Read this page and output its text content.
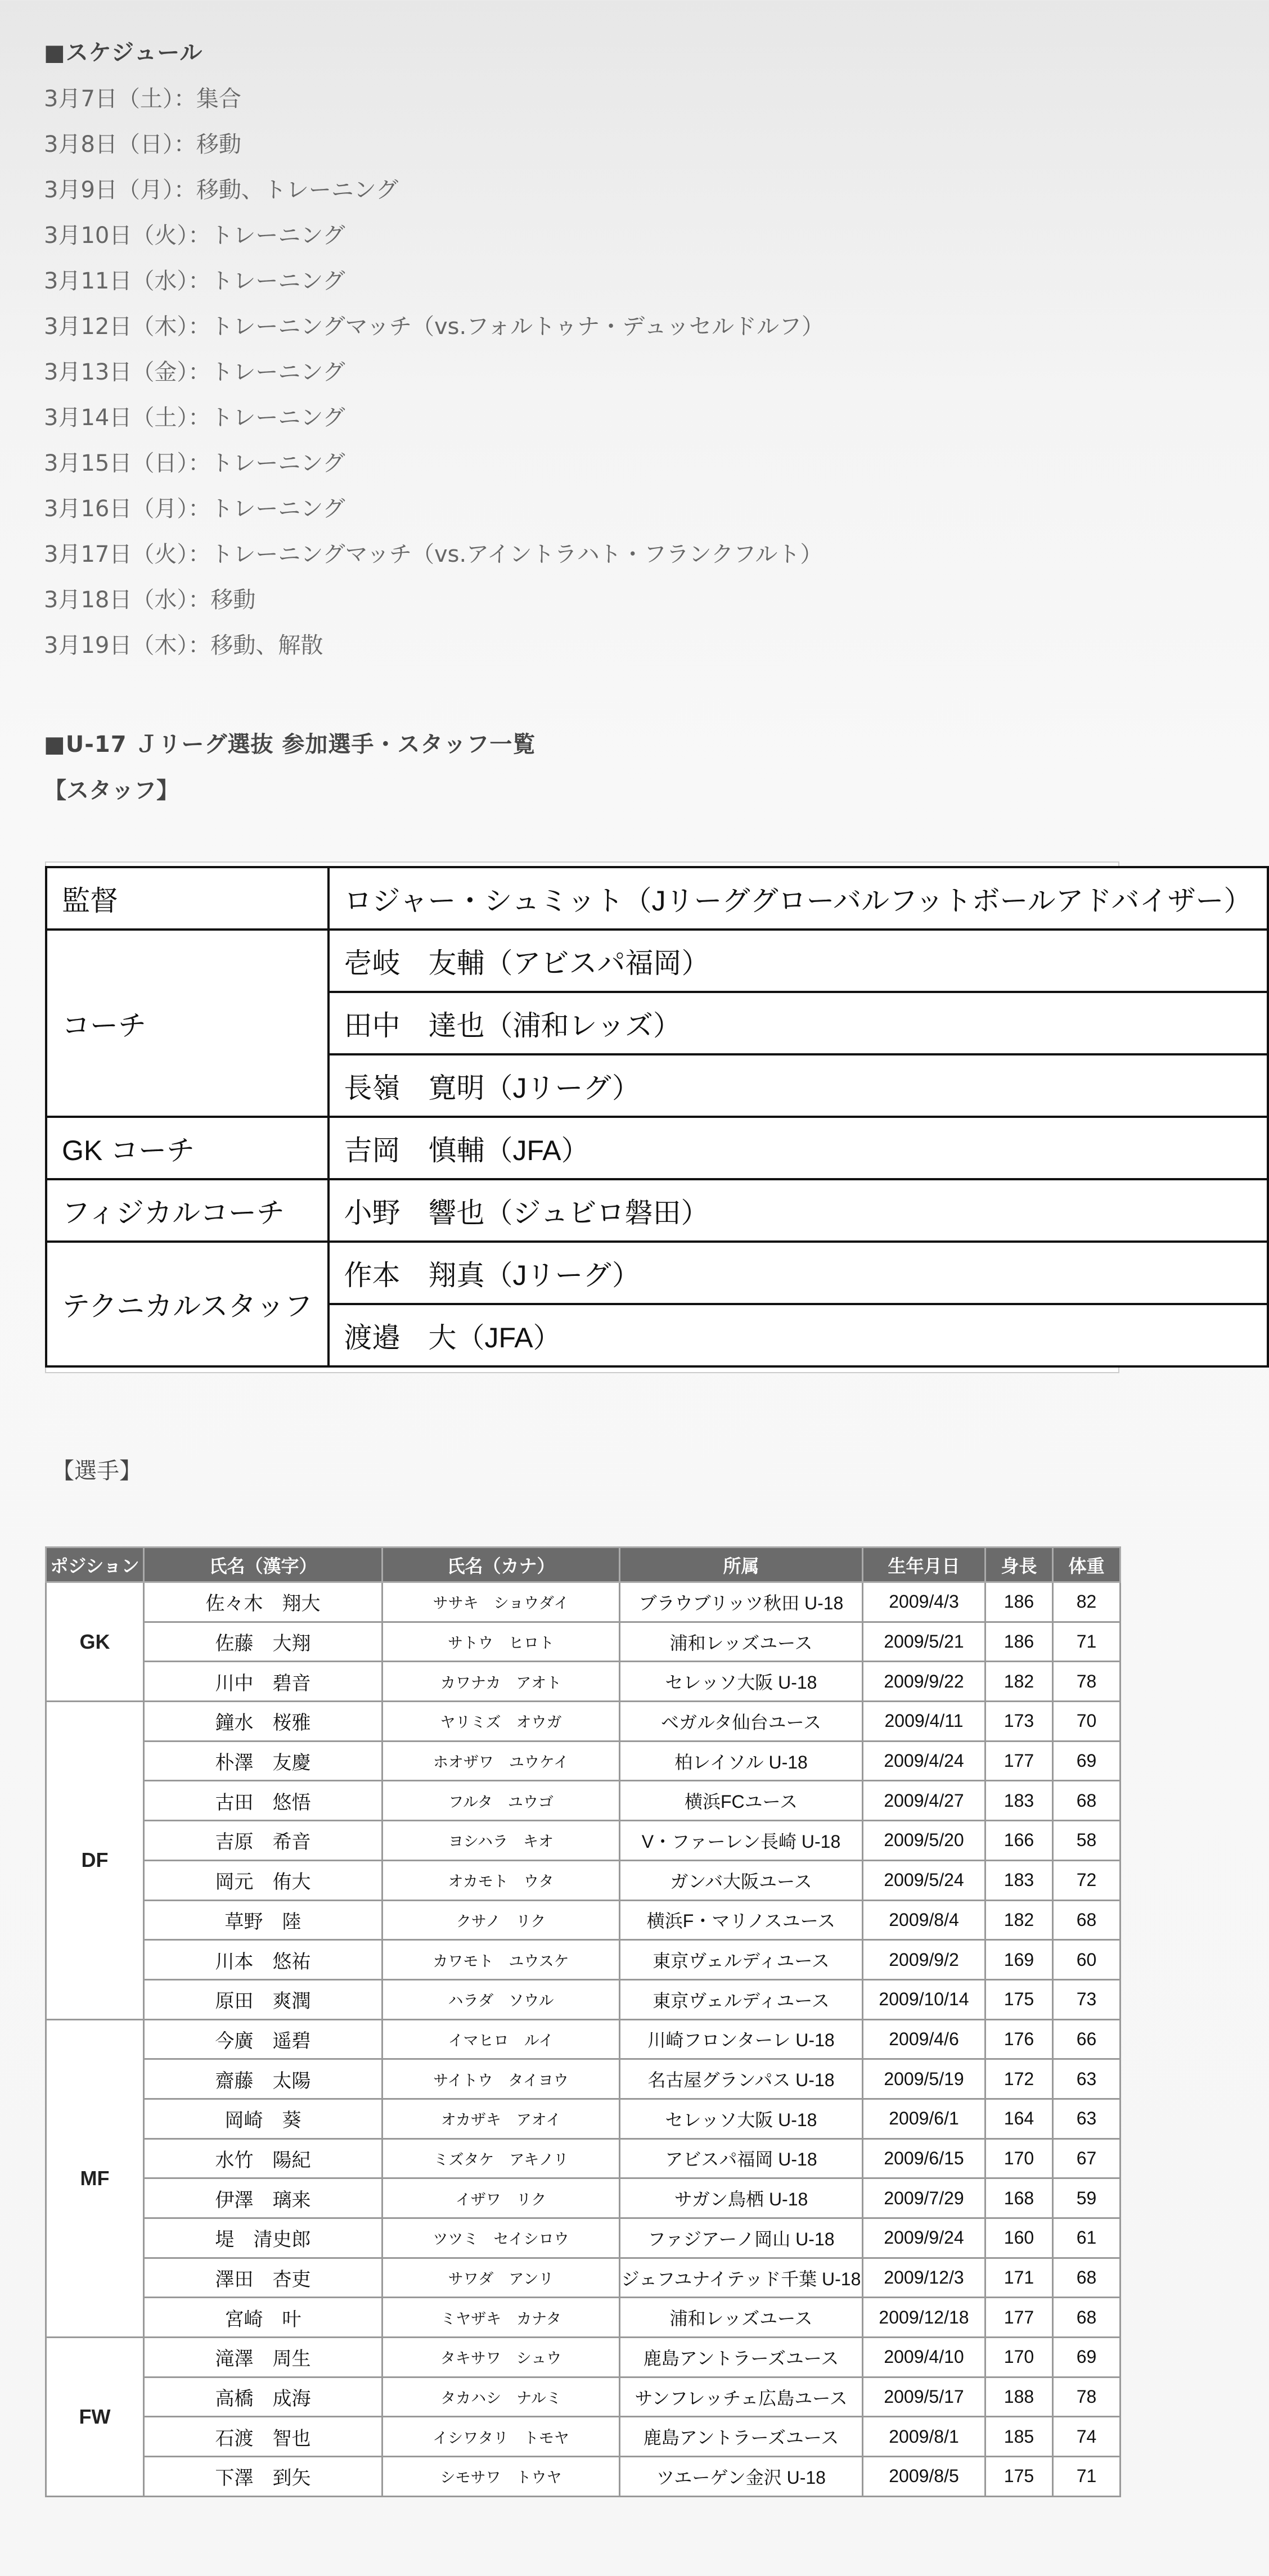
■スケジュール
3月7日（土）：集合
3月8日（日）：移動
3月9日（月）：移動、トレーニング
3月10日（火）：トレーニング
3月11日（水）：トレーニング
3月12日（木）：トレーニングマッチ（vs.フォルトゥナ・デュッセルドルフ）
3月13日（金）：トレーニング
3月14日（土）：トレーニング
3月15日（日）：トレーニング
3月16日（月）：トレーニング
3月17日（火）：トレーニングマッチ（vs.アイントラハト・フランクフルト）
3月18日（水）：移動
3月19日（木）：移動、解散
■U-17 Ｊリーグ選抜 参加選手・スタッフ一覧
【スタッフ】
監督	ロジャー・シュミット（Jリーググローバルフットボールアドバイザー）
コーチ	壱岐　友輔（アビスパ福岡）
	田中　達也（浦和レッズ）
	長嶺　寛明（Jリーグ）
GK コーチ	吉岡　慎輔（JFA）
フィジカルコーチ	小野　響也（ジュビロ磐田）
テクニカルスタッフ	作本　翔真（Jリーグ）
	渡邉　大（JFA）
【選手】
ポジション	氏名（漢字）	氏名（カナ）	所属	生年月日	身長	体重
GK	佐々木　翔大	ササキ　ショウダイ	ブラウブリッツ秋田 U-18	2009/4/3	186	82
	佐藤　大翔	サトウ　ヒロト	浦和レッズユース	2009/5/21	186	71
	川中　碧音	カワナカ　アオト	セレッソ大阪 U-18	2009/9/22	182	78
DF	鐘水　桜雅	ヤリミズ　オウガ	ベガルタ仙台ユース	2009/4/11	173	70
	朴澤　友慶	ホオザワ　ユウケイ	柏レイソル U-18	2009/4/24	177	69
	古田　悠悟	フルタ　ユウゴ	横浜FCユース	2009/4/27	183	68
	吉原　希音	ヨシハラ　キオ	V・ファーレン長崎 U-18	2009/5/20	166	58
	岡元　侑大	オカモト　ウタ	ガンバ大阪ユース	2009/5/24	183	72
	草野　陸	クサノ　リク	横浜F・マリノスユース	2009/8/4	182	68
	川本　悠祐	カワモト　ユウスケ	東京ヴェルディユース	2009/9/2	169	60
	原田　爽潤	ハラダ　ソウル	東京ヴェルディユース	2009/10/14	175	73
MF	今廣　遥碧	イマヒロ　ルイ	川崎フロンターレ U-18	2009/4/6	176	66
	齋藤　太陽	サイトウ　タイヨウ	名古屋グランパス U-18	2009/5/19	172	63
	岡崎　葵	オカザキ　アオイ	セレッソ大阪 U-18	2009/6/1	164	63
	水竹　陽紀	ミズタケ　アキノリ	アビスパ福岡 U-18	2009/6/15	170	67
	伊澤　璃来	イザワ　リク	サガン鳥栖 U-18	2009/7/29	168	59
	堤　清史郎	ツツミ　セイシロウ	ファジアーノ岡山 U-18	2009/9/24	160	61
	澤田　杏吏	サワダ　アンリ	ジェフユナイテッド千葉 U-18	2009/12/3	171	68
	宮崎　叶	ミヤザキ　カナタ	浦和レッズユース	2009/12/18	177	68
FW	滝澤　周生	タキサワ　シュウ	鹿島アントラーズユース	2009/4/10	170	69
	高橋　成海	タカハシ　ナルミ	サンフレッチェ広島ユース	2009/5/17	188	78
	石渡　智也	イシワタリ　トモヤ	鹿島アントラーズユース	2009/8/1	185	74
	下澤　到矢	シモサワ　トウヤ	ツエーゲン金沢 U-18	2009/8/5	175	71
